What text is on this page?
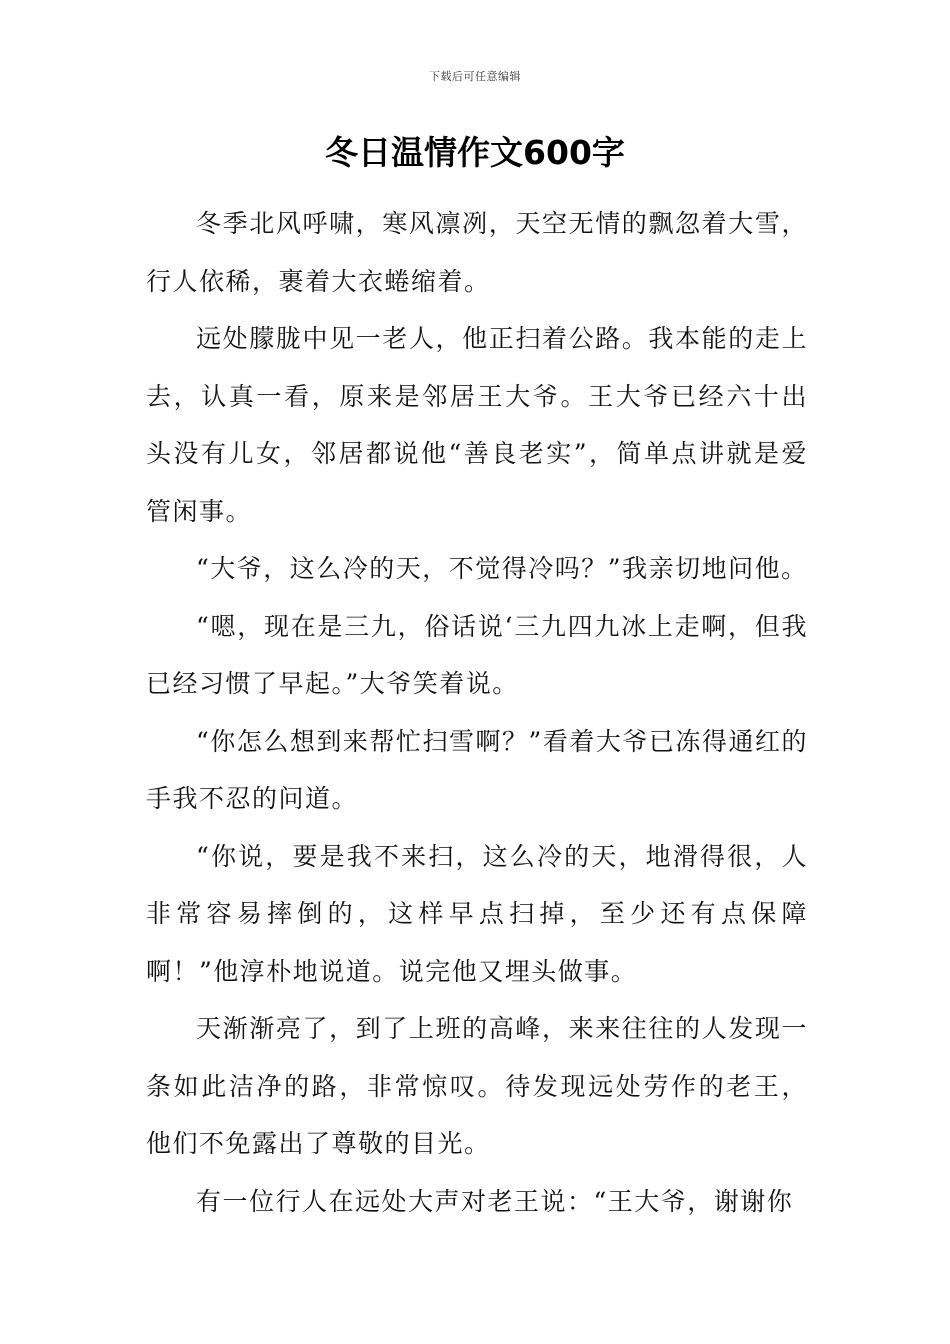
下载后可任意编辑
冬日温情作文600字

冬季北风呼啸，寒风凛冽，天空无情的飘忽着大雪，行人依稀，裹着大衣蜷缩着。

远处朦胧中见一老人，他正扫着公路。我本能的走上去，认真一看，原来是邻居王大爷。王大爷已经六十出头没有儿女，邻居都说他“善良老实”，简单点讲就是爱管闲事。

“大爷，这么冷的天，不觉得冷吗？”我亲切地问他。

“嗯，现在是三九，俗话说‘三九四九冰上走啊，但我已经习惯了早起。”大爷笑着说。

“你怎么想到来帮忙扫雪啊？”看着大爷已冻得通红的手我不忍的问道。

“你说，要是我不来扫，这么冷的天，地滑得很，人非常容易摔倒的，这样早点扫掉，至少还有点保障啊！”他淳朴地说道。说完他又埋头做事。

天渐渐亮了，到了上班的高峰，来来往往的人发现一条如此洁净的路，非常惊叹。待发现远处劳作的老王，他们不免露出了尊敬的目光。

有一位行人在远处大声对老王说：“王大爷，谢谢你
